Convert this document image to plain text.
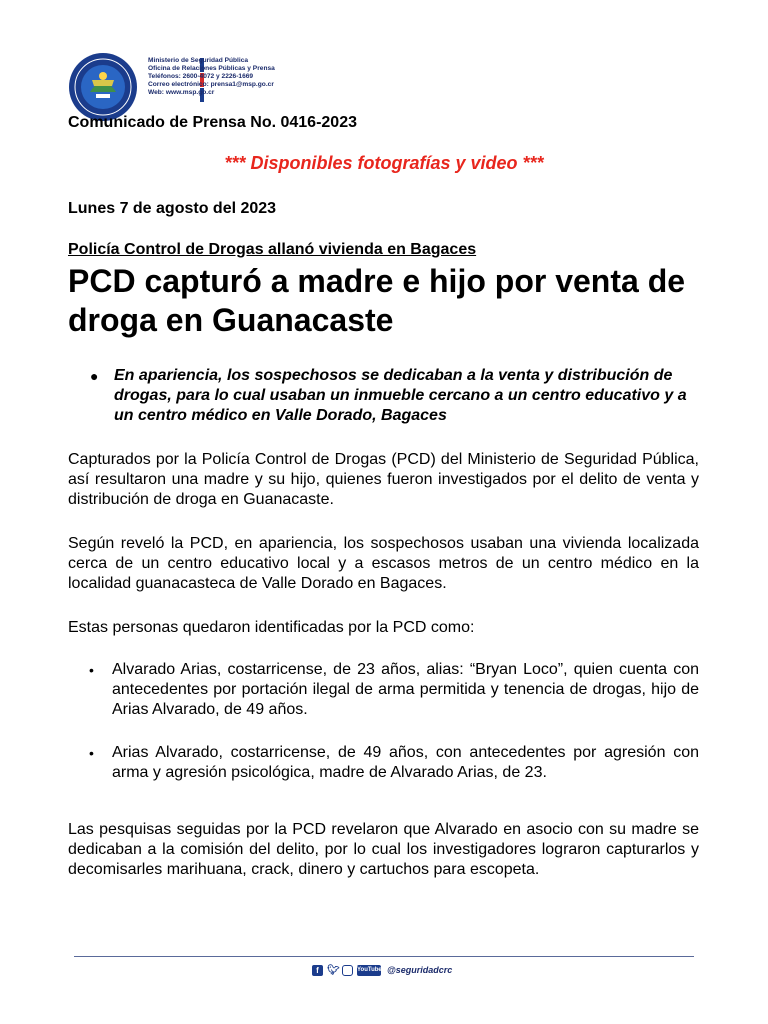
Ministerio de Seguridad Pública
Oficina de Relaciones Públicas y Prensa
Teléfonos: 2600-4072 y 2226-1669
Correo electrónico: prensa1@msp.go.cr
Web: www.msp.go.cr
Comunicado de Prensa No. 0416-2023
*** Disponibles fotografías y video ***
Lunes 7 de agosto del 2023
Policía Control de Drogas allanó vivienda en Bagaces
PCD capturó a madre e hijo por venta de droga en Guanacaste
● En apariencia, los sospechosos se dedicaban a la venta y distribución de drogas, para lo cual usaban un inmueble cercano a un centro educativo y a un centro médico en Valle Dorado, Bagaces
Capturados por la Policía Control de Drogas (PCD) del Ministerio de Seguridad Pública, así resultaron una madre y su hijo, quienes fueron investigados por el delito de venta y distribución de droga en Guanacaste.
Según reveló la PCD, en apariencia, los sospechosos usaban una vivienda localizada cerca de un centro educativo local y a escasos metros de un centro médico en la localidad guanacasteca de Valle Dorado en Bagaces.
Estas personas quedaron identificadas por la PCD como:
• Alvarado Arias, costarricense, de 23 años, alias: “Bryan Loco”, quien cuenta con antecedentes por portación ilegal de arma permitida y tenencia de drogas, hijo de Arias Alvarado, de 49 años.
• Arias Alvarado, costarricense, de 49 años, con antecedentes por agresión con arma y agresión psicológica, madre de Alvarado Arias, de 23.
Las pesquisas seguidas por la PCD revelaron que Alvarado en asocio con su madre se dedicaban a la comisión del delito, por lo cual los investigadores lograron capturarlos y decomisarles marihuana, crack, dinero y cartuchos para escopeta.
f 🐦︎	YouTube @seguridadcrc
